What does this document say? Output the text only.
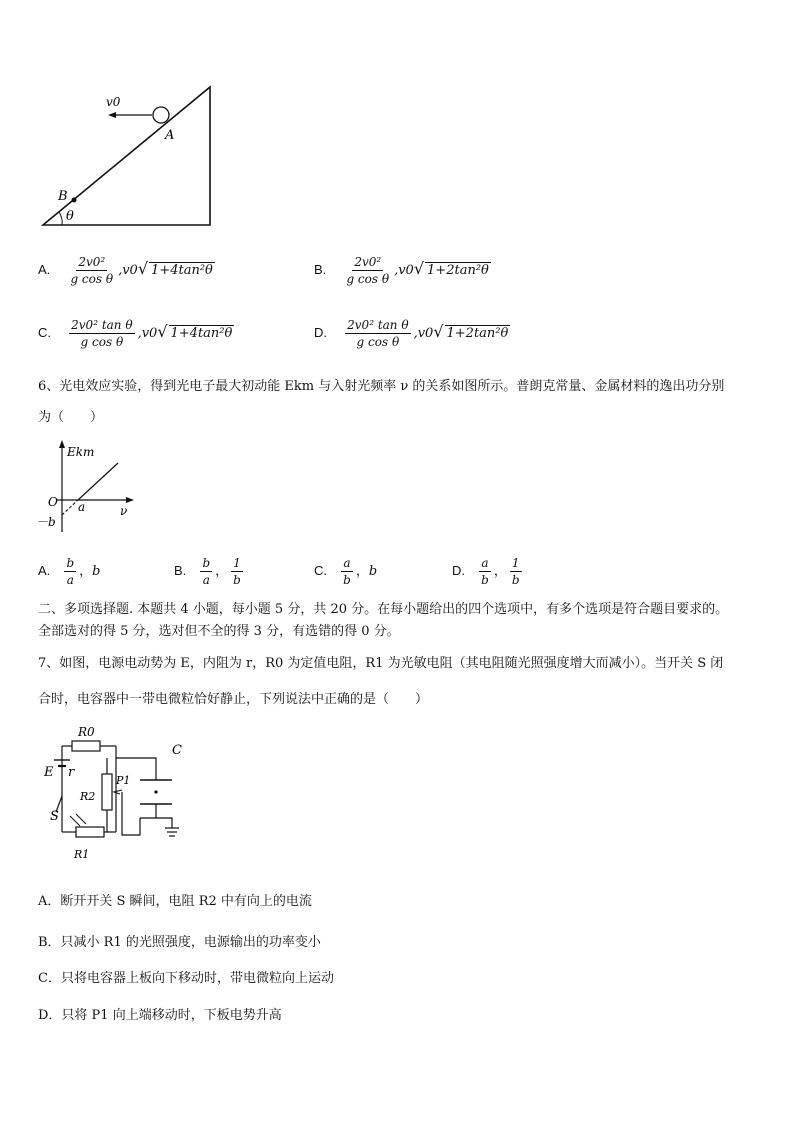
v0
A
B
θ
A. $\frac{\text{2v0²}}{\text{g cos θ}} ,v0√$ 1+4tan²θ	B. $\frac{\text{2v0²}}{\text{g cos θ}} ,v0√$ 1+2tan²θ
C. $\frac{\text{2v0² tan θ}}{\text{g cos θ}} ,v0√$ 1+4tan²θ	D. $\frac{\text{2v0² tan θ}}{\text{g cos θ}} ,v0√$ 1+2tan²θ
6、光电效应实验，得到光电子最大初动能 Ekm 与入射光频率 ν 的关系如图所示。普朗克常量、金属材料的逸出功分别
为（　　）
Ekm
O a	ν
－b
A. $\frac{b}{a}$ ，b	B. $\frac{b}{a}$ ， $\frac{1}{b}$	C. $\frac{a}{b}$ ，b	D. $\frac{a}{b}$ ， $\frac{1}{b}$
二、多项选择题. 本题共 4 小题，每小题 5 分，共 20 分。在每小题给出的四个选项中，有多个选项是符合题目要求的。
全部选对的得 5 分，选对但不全的得 3 分，有选错的得 0 分。
7、如图，电源电动势为 E，内阻为 r，R0 为定值电阻，R1 为光敏电阻（其电阻随光照强度增大而减小）。当开关 S 闭
合时，电容器中一带电微粒恰好静止，下列说法中正确的是（　　）
R0
C
E r
P1
R2
S
R1
A．断开开关 S 瞬间，电阻 R2 中有向上的电流
B．只减小 R1 的光照强度，电源输出的功率变小
C．只将电容器上板向下移动时，带电微粒向上运动
D．只将 P1 向上端移动时，下板电势升高
